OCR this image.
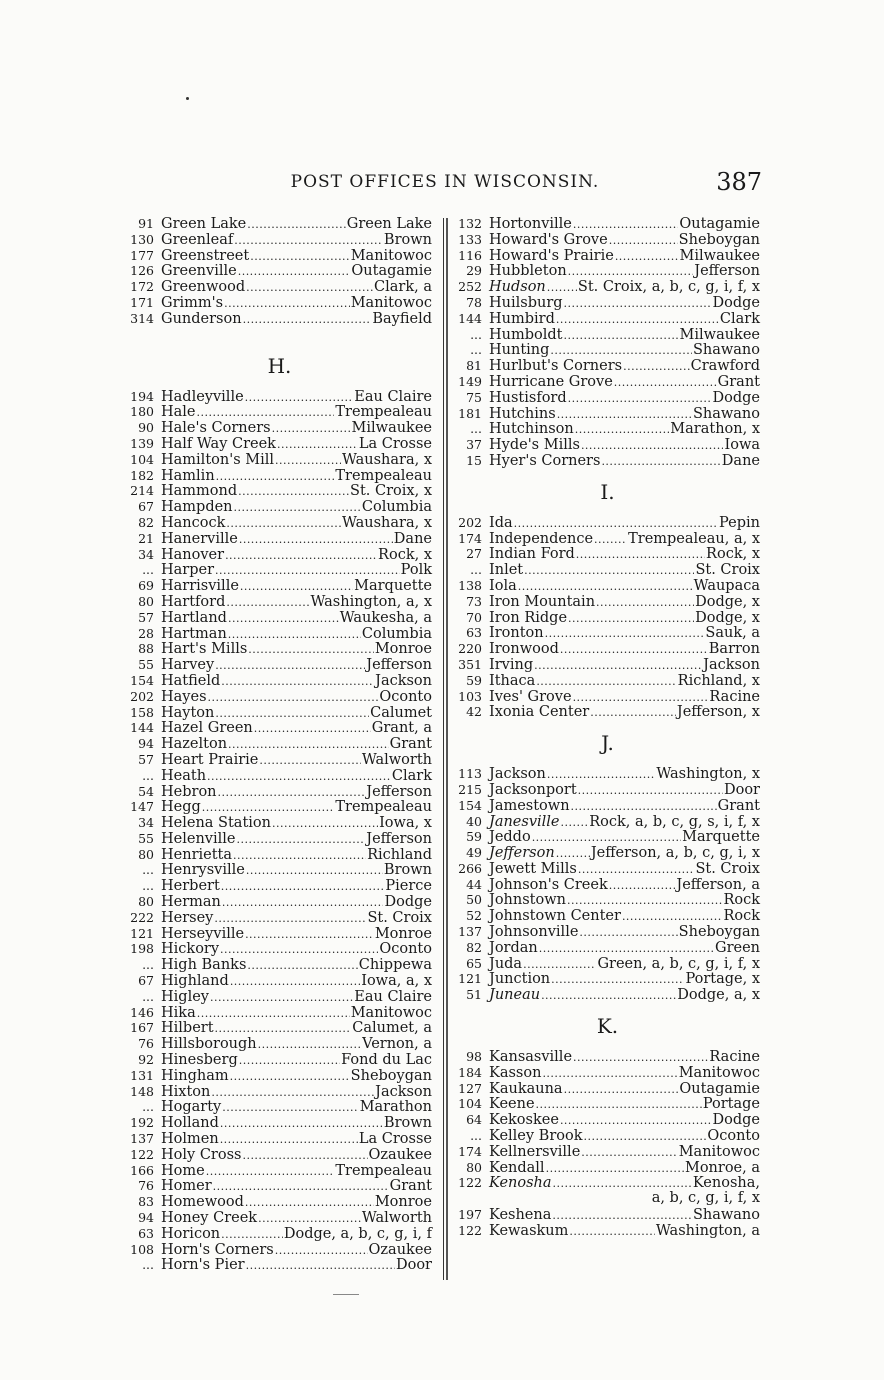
POST OFFICES IN WISCONSIN.	387
91 Green Lake . . .	Green Lake
130 Greenleaf . . .	Brown
177 Greenstreet . . .	Manitowoc
126 Greenville . . .	Outagamie
172 Greenwood . . .	Clark, a
171 Grimm's . . .	Manitowoc
314 Gunderson . . .	Bayfield
H.
194 Hadleyville . . .	Eau Claire
180 Hale . . .	Trempealeau
90 Hale's Corners . . .	Milwaukee
139 Half Way Creek . . .	La Crosse
104 Hamilton's Mill . . .	Waushara, x
182 Hamlin . . .	Trempealeau
214 Hammond . . .	St. Croix, x
67 Hampden . . .	Columbia
82 Hancock . . .	Waushara, x
21 Hanerville . . .	Dane
34 Hanover . . .	Rock, x
... Harper . . .	Polk
69 Harrisville . . .	Marquette
80 Hartford . . .	Washington, a, x
57 Hartland . . .	Waukesha, a
28 Hartman . . .	Columbia
88 Hart's Mills . . .	Monroe
55 Harvey . . .	Jefferson
154 Hatfield . . .	Jackson
202 Hayes . . .	Oconto
158 Hayton . . .	Calumet
144 Hazel Green . . .	Grant, a
94 Hazelton . . .	Grant
57 Heart Prairie . . .	Walworth
... Heath . . .	Clark
54 Hebron . . .	Jefferson
147 Hegg . . .	Trempealeau
34 Helena Station . . .	Iowa, x
55 Helenville . . .	Jefferson
80 Henrietta . . .	Richland
... Henrysville . . .	Brown
... Herbert . . .	Pierce
80 Herman . . .	Dodge
222 Hersey . . .	St. Croix
121 Herseyville . . .	Monroe
198 Hickory . . .	Oconto
... High Banks . . .	Chippewa
67 Highland . . .	Iowa, a, x
... Higley . . .	Eau Claire
146 Hika . . .	Manitowoc
167 Hilbert . . .	Calumet, a
76 Hillsborough . . .	Vernon, a
92 Hinesberg . . .	Fond du Lac
131 Hingham . . .	Sheboygan
148 Hixton . . .	Jackson
... Hogarty . . .	Marathon
192 Holland . . .	Brown
137 Holmen . . .	La Crosse
122 Holy Cross . . .	Ozaukee
166 Home . . .	Trempealeau
76 Homer . . .	Grant
83 Homewood . . .	Monroe
94 Honey Creek . . .	Walworth
63 Horicon . . .	Dodge, a, b, c, g, i, f
108 Horn's Corners . . .	Ozaukee
... Horn's Pier . . .	Door
132 Hortonville . . .	Outagamie
133 Howard's Grove . . .	Sheboygan
116 Howard's Prairie . . .	Milwaukee
29 Hubbleton . . .	Jefferson
252 Hudson . . . St. Croix, a, b, c, g, i, f, x
78 Huilsburg . . .	Dodge
144 Humbird . . .	Clark
... Humboldt . . .	Milwaukee
... Hunting . . .	Shawano
81 Hurlbut's Corners . . .	Crawford
149 Hurricane Grove . . .	Grant
75 Hustisford . . .	Dodge
181 Hutchins . . .	Shawano
... Hutchinson . . .	Marathon, x
37 Hyde's Mills . . .	Iowa
15 Hyer's Corners . . .	Dane
I.
202 Ida . . .	Pepin
174 Independence . . . Trempealeau, a, x
27 Indian Ford . . .	Rock, x
... Inlet . . .	St. Croix
138 Iola . . .	Waupaca
73 Iron Mountain . . .	Dodge, x
70 Iron Ridge . . .	Dodge, x
63 Ironton . . .	Sauk, a
220 Ironwood . . .	Barron
351 Irving . . .	Jackson
59 Ithaca . . .	Richland, x
103 Ives' Grove . . .	Racine
42 Ixonia Center . . .	Jefferson, x
J.
113 Jackson . . .	Washington, x
215 Jacksonport . . .	Door
154 Jamestown . . .	Grant
40 Janesville . . . Rock, a, b, c, g, s, i, f, x
59 Jeddo . . .	Marquette
49 Jefferson . . . Jefferson, a, b, c, g, i, x
266 Jewett Mills . . .	St. Croix
44 Johnson's Creek . . .	Jefferson, a
50 Johnstown . . .	Rock
52 Johnstown Center . . .	Rock
137 Johnsonville . . .	Sheboygan
82 Jordan . . .	Green
65 Juda . . .	Green, a, b, c, g, i, f, x
121 Junction . . .	Portage, x
51 Juneau . . .	Dodge, a, x
K.
98 Kansasville . . .	Racine
184 Kasson . . .	Manitowoc
127 Kaukauna . . .	Outagamie
104 Keene . . .	Portage
64 Kekoskee . . .	Dodge
... Kelley Brook . . .	Oconto
174 Kellnersville . . .	Manitowoc
80 Kendall . . .	Monroe, a
122 Kenosha . . .	Kenosha,
a, b, c, g, i, f, x
197 Keshena . . .	Shawano
122 Kewaskum . . .	Washington, a
